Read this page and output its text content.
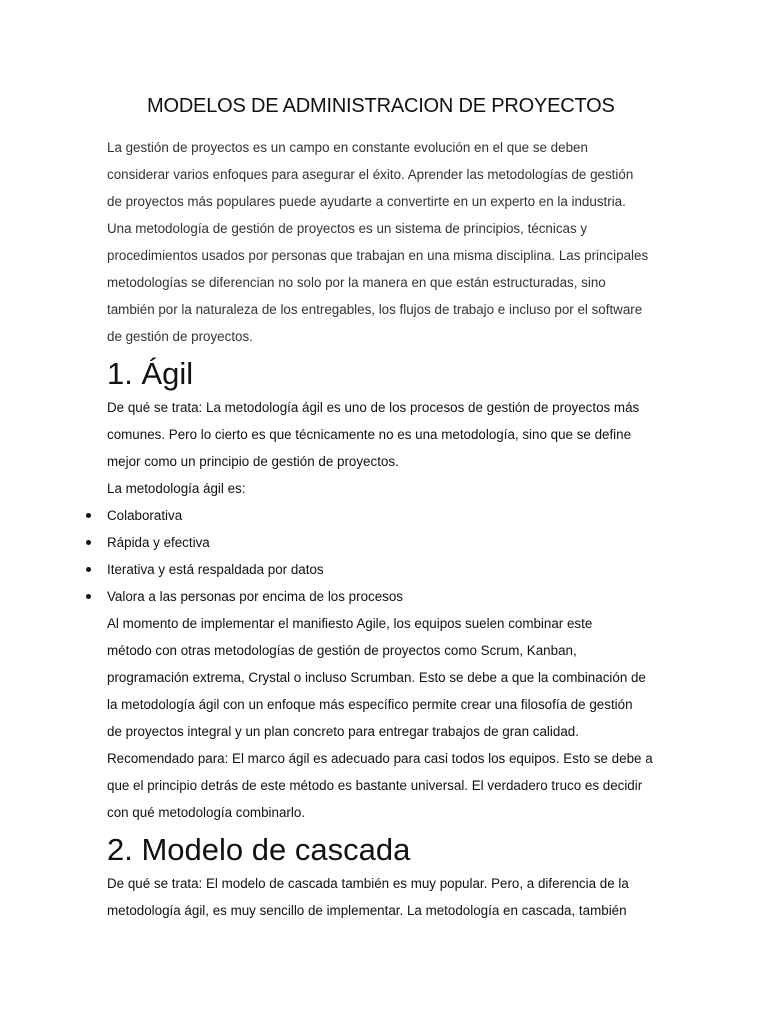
MODELOS DE ADMINISTRACION DE PROYECTOS

La gestión de proyectos es un campo en constante evolución en el que se deben

considerar varios enfoques para asegurar el éxito. Aprender las metodologías de gestión

de proyectos más populares puede ayudarte a convertirte en un experto en la industria.

Una metodología de gestión de proyectos es un sistema de principios, técnicas y

procedimientos usados por personas que trabajan en una misma disciplina. Las principales

metodologías se diferencian no solo por la manera en que están estructuradas, sino

también por la naturaleza de los entregables, los flujos de trabajo e incluso por el software

de gestión de proyectos.

1. Ágil

De qué se trata: La metodología ágil es uno de los procesos de gestión de proyectos más

comunes. Pero lo cierto es que técnicamente no es una metodología, sino que se define

mejor como un principio de gestión de proyectos.

La metodología ágil es:

Colaborativa
Rápida y efectiva
Iterativa y está respaldada por datos
Valora a las personas por encima de los procesos

Al momento de implementar el manifiesto Agile, los equipos suelen combinar este

método con otras metodologías de gestión de proyectos como Scrum, Kanban,

programación extrema, Crystal o incluso Scrumban. Esto se debe a que la combinación de

la metodología ágil con un enfoque más específico permite crear una filosofía de gestión

de proyectos integral y un plan concreto para entregar trabajos de gran calidad.

Recomendado para: El marco ágil es adecuado para casi todos los equipos. Esto se debe a

que el principio detrás de este método es bastante universal. El verdadero truco es decidir

con qué metodología combinarlo.

2. Modelo de cascada

De qué se trata: El modelo de cascada también es muy popular. Pero, a diferencia de la

metodología ágil, es muy sencillo de implementar. La metodología en cascada, también
